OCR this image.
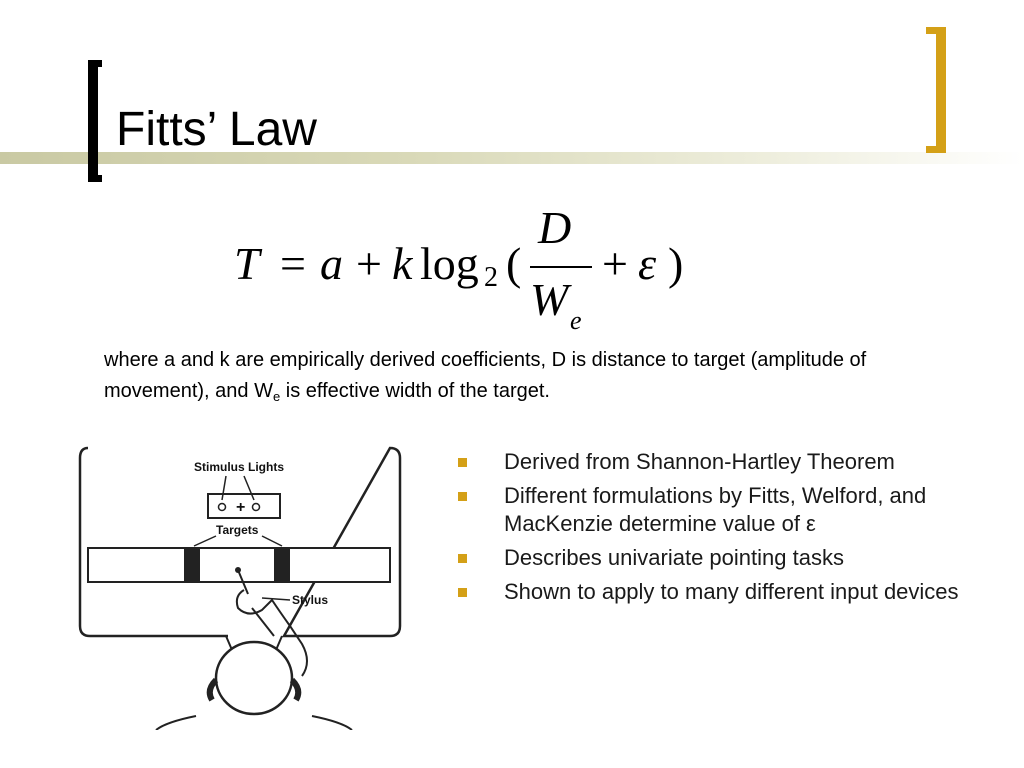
Fitts’ Law
T = a + k log 2 (
D
W e
+ ε )
where a and k are empirically derived coefficients, D is distance to target (amplitude of movement), and $W_e$ is effective width of the target.
Stimulus Lights
+
Targets
Stylus
Derived from Shannon-Hartley Theorem
Different formulations by Fitts, Welford, and MacKenzie determine value of ε
Describes univariate pointing tasks
Shown to apply to many different input devices
